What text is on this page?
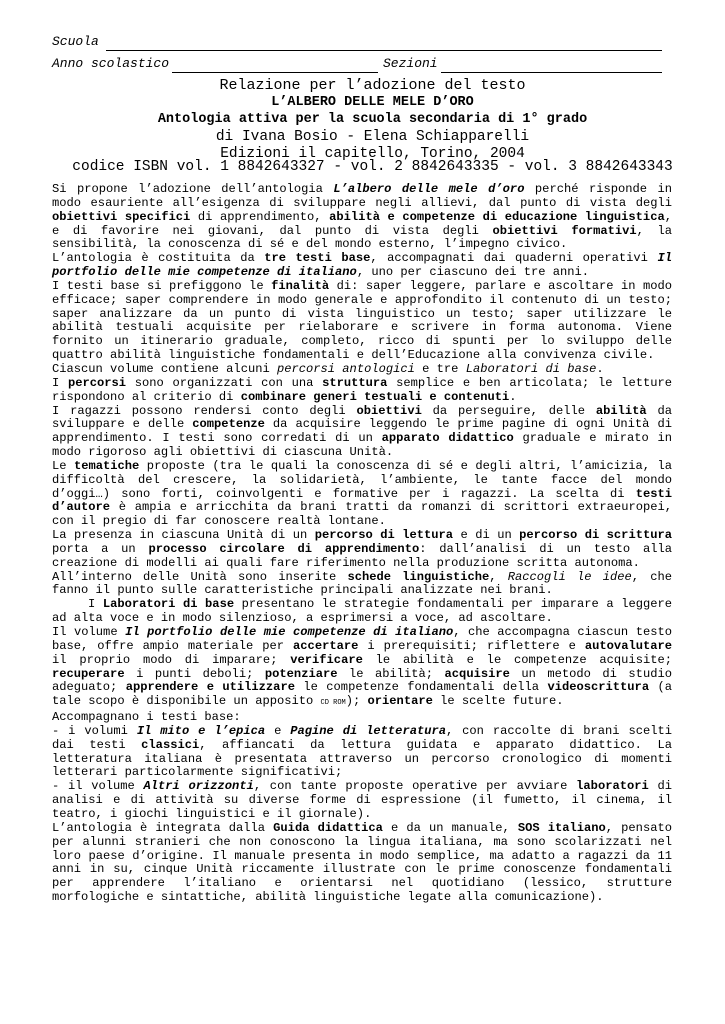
Scuola
Anno scolastico	Sezioni
Relazione per l’adozione del testo
L’ALBERO DELLE MELE D’ORO
Antologia attiva per la scuola secondaria di 1° grado
di Ivana Bosio - Elena Schiapparelli
Edizioni il capitello, Torino, 2004
codice ISBN vol. 1 8842643327 - vol. 2 8842643335 - vol. 3 8842643343

Si propone l’adozione dell’antologia L’albero delle mele d’oro perché risponde in modo esauriente all’esigenza di sviluppare negli allievi, dal punto di vista degli obiettivi specifici di apprendimento, abilità e competenze di educazione linguistica, e di favorire nei giovani, dal punto di vista degli obiettivi formativi, la sensibilità, la conoscenza di sé e del mondo esterno, l’impegno civico.

L’antologia è costituita da tre testi base, accompagnati dai quaderni operativi Il portfolio delle mie competenze di italiano, uno per ciascuno dei tre anni.

I testi base si prefiggono le finalità di: saper leggere, parlare e ascoltare in modo efficace; saper comprendere in modo generale e approfondito il contenuto di un testo; saper analizzare da un punto di vista linguistico un testo; saper utilizzare le abilità testuali acquisite per rielaborare e scrivere in forma autonoma. Viene fornito un itinerario graduale, completo, ricco di spunti per lo sviluppo delle quattro abilità linguistiche fondamentali e dell’Educazione alla convivenza civile.

Ciascun volume contiene alcuni percorsi antologici e tre Laboratori di base.

I percorsi sono organizzati con una struttura semplice e ben articolata; le letture rispondono al criterio di combinare generi testuali e contenuti.

I ragazzi possono rendersi conto degli obiettivi da perseguire, delle abilità da sviluppare e delle competenze da acquisire leggendo le prime pagine di ogni Unità di apprendimento. I testi sono corredati di un apparato didattico graduale e mirato in modo rigoroso agli obiettivi di ciascuna Unità.

Le tematiche proposte (tra le quali la conoscenza di sé e degli altri, l’amicizia, la difficoltà del crescere, la solidarietà, l’ambiente, le tante facce del mondo d’oggi…) sono forti, coinvolgenti e formative per i ragazzi. La scelta di testi d’autore è ampia e arricchita da brani tratti da romanzi di scrittori extraeuropei, con il pregio di far conoscere realtà lontane.

La presenza in ciascuna Unità di un percorso di lettura e di un percorso di scrittura porta a un processo circolare di apprendimento: dall’analisi di un testo alla creazione di modelli ai quali fare riferimento nella produzione scritta autonoma.

All’interno delle Unità sono inserite schede linguistiche, Raccogli le idee, che fanno il punto sulle caratteristiche principali analizzate nei brani.

I Laboratori di base presentano le strategie fondamentali per imparare a leggere ad alta voce e in modo silenzioso, a esprimersi a voce, ad ascoltare.

Il volume Il portfolio delle mie competenze di italiano, che accompagna ciascun testo base, offre ampio materiale per accertare i prerequisiti; riflettere e autovalutare il proprio modo di imparare; verificare le abilità e le competenze acquisite; recuperare i punti deboli; potenziare le abilità; acquisire un metodo di studio adeguato; apprendere e utilizzare le competenze fondamentali della videoscrittura (a tale scopo è disponibile un apposito CD ROM); orientare le scelte future.

Accompagnano i testi base:

- i volumi Il mito e l’epica e Pagine di letteratura, con raccolte di brani scelti dai testi classici, affiancati da lettura guidata e apparato didattico. La letteratura italiana è presentata attraverso un percorso cronologico di momenti letterari particolarmente significativi;

- il volume Altri orizzonti, con tante proposte operative per avviare laboratori di analisi e di attività su diverse forme di espressione (il fumetto, il cinema, il teatro, i giochi linguistici e il giornale).

L’antologia è integrata dalla Guida didattica e da un manuale, SOS italiano, pensato per alunni stranieri che non conoscono la lingua italiana, ma sono scolarizzati nel loro paese d’origine. Il manuale presenta in modo semplice, ma adatto a ragazzi da 11 anni in su, cinque Unità riccamente illustrate con le prime conoscenze fondamentali per apprendere l’italiano e orientarsi nel quotidiano (lessico, strutture morfologiche e sintattiche, abilità linguistiche legate alla comunicazione).
